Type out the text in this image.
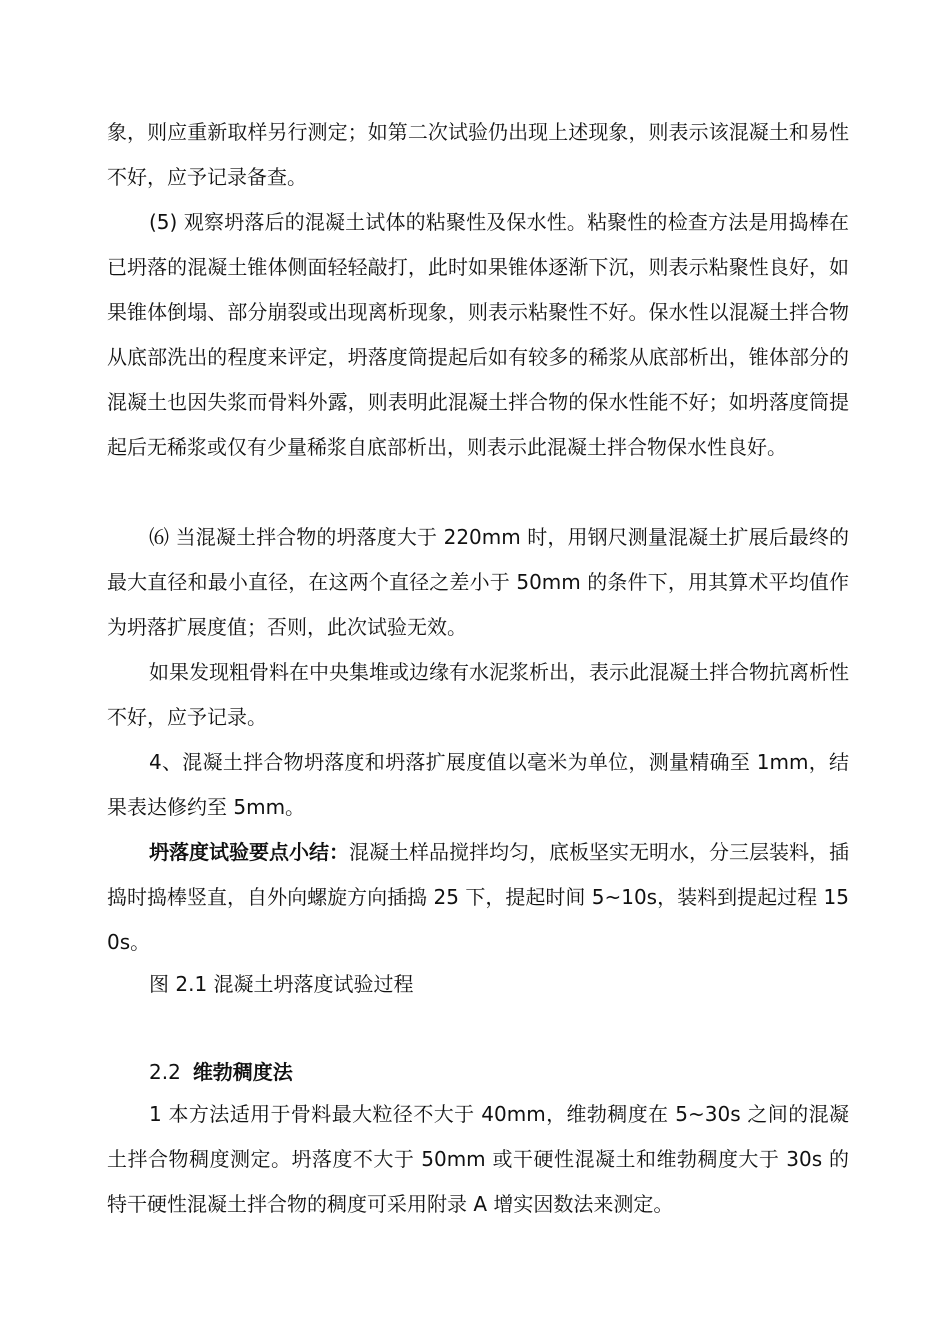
象，则应重新取样另行测定；如第二次试验仍出现上述现象，则表示该混凝土和易性不好，应予记录备查。

(5) 观察坍落后的混凝土试体的粘聚性及保水性。粘聚性的检查方法是用捣棒在已坍落的混凝土锥体侧面轻轻敲打，此时如果锥体逐渐下沉，则表示粘聚性良好，如果锥体倒塌、部分崩裂或出现离析现象，则表示粘聚性不好。保水性以混凝土拌合物从底部洗出的程度来评定，坍落度筒提起后如有较多的稀浆从底部析出，锥体部分的混凝土也因失浆而骨料外露，则表明此混凝土拌合物的保水性能不好；如坍落度筒提起后无稀浆或仅有少量稀浆自底部析出，则表示此混凝土拌合物保水性良好。

⑹ 当混凝土拌合物的坍落度大于 220mm 时，用钢尺测量混凝土扩展后最终的最大直径和最小直径，在这两个直径之差小于 50mm 的条件下，用其算术平均值作为坍落扩展度值；否则，此次试验无效。

如果发现粗骨料在中央集堆或边缘有水泥浆析出，表示此混凝土拌合物抗离析性不好，应予记录。

4、混凝土拌合物坍落度和坍落扩展度值以毫米为单位，测量精确至 1mm，结果表达修约至 5mm。

坍落度试验要点小结：混凝土样品搅拌均匀，底板坚实无明水，分三层装料，插捣时捣棒竖直，自外向螺旋方向插捣 25 下，提起时间 5~10s，装料到提起过程 150s。

图 2.1 混凝土坍落度试验过程

2.2 维勃稠度法

1 本方法适用于骨料最大粒径不大于 40mm，维勃稠度在 5~30s 之间的混凝土拌合物稠度测定。坍落度不大于 50mm 或干硬性混凝土和维勃稠度大于 30s 的特干硬性混凝土拌合物的稠度可采用附录 A 增实因数法来测定。
